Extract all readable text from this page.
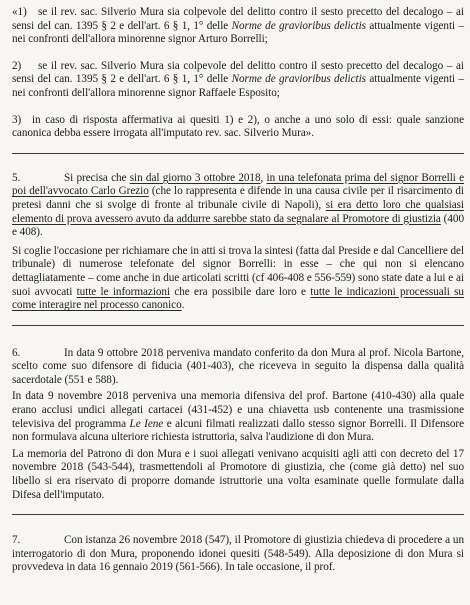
«1) se il rev. sac. Silverio Mura sia colpevole del delitto contro il sesto precetto del decalogo – ai sensi del can. 1395 § 2 e dell'art. 6 § 1, 1° delle Norme de gravioribus delictis attualmente vigenti – nei confronti dell'allora minorenne signor Arturo Borrelli;

2) se il rev. sac. Silverio Mura sia colpevole del delitto contro il sesto precetto del decalogo – ai sensi del can. 1395 § 2 e dell'art. 6 § 1, 1° delle Norme de gravioribus delictis attualmente vigenti – nei confronti dell'allora minorenne signor Raffaele Esposito;

3) in caso di risposta affermativa ai quesiti 1) e 2), o anche a uno solo di essi: quale sanzione canonica debba essere irrogata all'imputato rev. sac. Silverio Mura».

5.	Si precisa che sin dal giorno 3 ottobre 2018, in una telefonata prima del signor Borrelli e poi dell'avvocato Carlo Grezio (che lo rappresenta e difende in una causa civile per il risarcimento di pretesi danni che si svolge di fronte al tribunale civile di Napoli), si era detto loro che qualsiasi elemento di prova avessero avuto da addurre sarebbe stato da segnalare al Promotore di giustizia (400 e 408).

Si coglie l'occasione per richiamare che in atti si trova la sintesi (fatta dal Preside e dal Cancelliere del tribunale) di numerose telefonate del signor Borrelli: in esse – che qui non si elencano dettagliatamente – come anche in due articolati scritti (cf 406-408 e 556-559) sono state date a lui e ai suoi avvocati tutte le informazioni che era possibile dare loro e tutte le indicazioni processuali su come interagire nel processo canonico.

6.	In data 9 ottobre 2018 perveniva mandato conferito da don Mura al prof. Nicola Bartone, scelto come suo difensore di fiducia (401-403), che riceveva in seguito la dispensa dalla qualità sacerdotale (551 e 588).

In data 9 novembre 2018 perveniva una memoria difensiva del prof. Bartone (410-430) alla quale erano acclusi undici allegati cartacei (431-452) e una chiavetta usb contenente una trasmissione televisiva del programma Le Iene e alcuni filmati realizzati dallo stesso signor Borrelli. Il Difensore non formulava alcuna ulteriore richiesta istruttoria, salva l'audizione di don Mura.

La memoria del Patrono di don Mura e i suoi allegati venivano acquisiti agli atti con decreto del 17 novembre 2018 (543-544), trasmettendoli al Promotore di giustizia, che (come già detto) nel suo libello si era riservato di proporre domande istruttorie una volta esaminate quelle formulate dalla Difesa dell'imputato.

7.	Con istanza 26 novembre 2018 (547), il Promotore di giustizia chiedeva di procedere a un interrogatorio di don Mura, proponendo idonei quesiti (548-549). Alla deposizione di don Mura si provvedeva in data 16 gennaio 2019 (561-566). In tale occasione, il prof.
